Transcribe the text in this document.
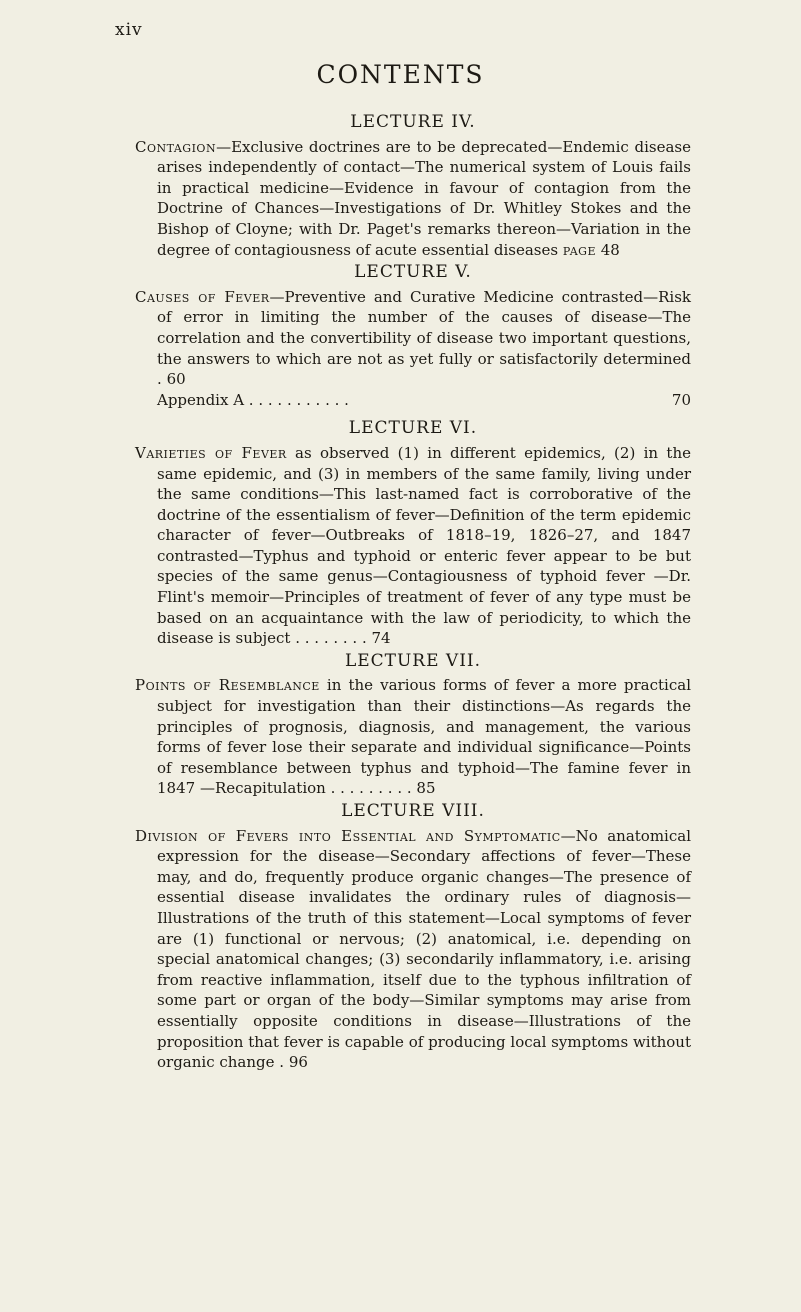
xiv
CONTENTS
LECTURE IV.

Contagion—Exclusive doctrines are to be deprecated—Endemic disease arises independently of contact—The numerical system of Louis fails in practical medicine—Evidence in favour of contagion from the Doctrine of Chances—Investigations of Dr. Whitley Stokes and the Bishop of Cloyne; with Dr. Paget's remarks thereon—Variation in the degree of contagiousness of acute essential diseases page 48

LECTURE V.

Causes of Fever—Preventive and Curative Medicine contrasted—Risk of error in limiting the number of the causes of disease—The correlation and the convertibility of disease two important questions, the answers to which are not as yet fully or satisfactorily determined . 60

70
Appendix A . . . . . . . . . . .
LECTURE VI.

Varieties of Fever as observed (1) in different epidemics, (2) in the same epidemic, and (3) in members of the same family, living under the same conditions—This last-named fact is corroborative of the doctrine of the essentialism of fever—Definition of the term epidemic character of fever—Outbreaks of 1818–19, 1826–27, and 1847 contrasted—Typhus and typhoid or enteric fever appear to be but species of the same genus—Contagiousness of typhoid fever —Dr. Flint's memoir—Principles of treatment of fever of any type must be based on an acquaintance with the law of periodicity, to which the disease is subject . . . . . . . . 74

LECTURE VII.

Points of Resemblance in the various forms of fever a more practical subject for investigation than their distinctions—As regards the principles of prognosis, diagnosis, and management, the various forms of fever lose their separate and individual significance—Points of resemblance between typhus and typhoid—The famine fever in 1847 —Recapitulation . . . . . . . . . 85

LECTURE VIII.

Division of Fevers into Essential and Symptomatic—No anatomical expression for the disease—Secondary affections of fever—These may, and do, frequently produce organic changes—The presence of essential disease invalidates the ordinary rules of diagnosis—Illustrations of the truth of this statement—Local symptoms of fever are (1) functional or nervous; (2) anatomical, i.e. depending on special anatomical changes; (3) secondarily inflammatory, i.e. arising from reactive inflammation, itself due to the typhous infiltration of some part or organ of the body—Similar symptoms may arise from essentially opposite conditions in disease—Illustrations of the proposition that fever is capable of producing local symptoms without organic change . 96
